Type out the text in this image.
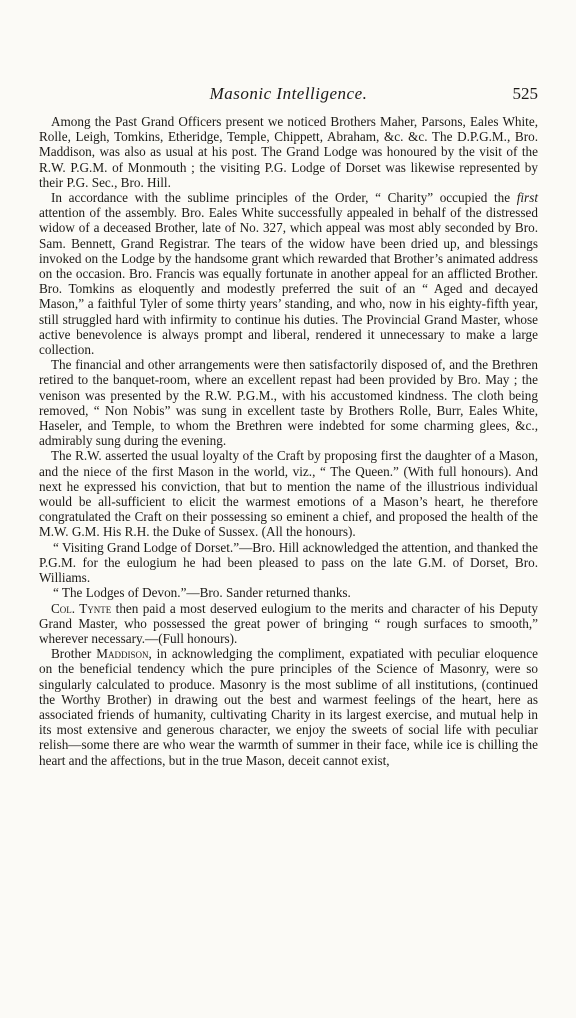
Masonic Intelligence.	525

Among the Past Grand Officers present we noticed Brothers Maher, Parsons, Eales White, Rolle, Leigh, Tomkins, Etheridge, Temple, Chippett, Abraham, &c. &c. The D.P.G.M., Bro. Maddison, was also as usual at his post. The Grand Lodge was honoured by the visit of the R.W. P.G.M. of Monmouth ; the visiting P.G. Lodge of Dorset was likewise represented by their P.G. Sec., Bro. Hill.

In accordance with the sublime principles of the Order, “ Charity” occupied the first attention of the assembly. Bro. Eales White successfully appealed in behalf of the distressed widow of a deceased Brother, late of No. 327, which appeal was most ably seconded by Bro. Sam. Bennett, Grand Registrar. The tears of the widow have been dried up, and blessings invoked on the Lodge by the handsome grant which rewarded that Brother’s animated address on the occasion. Bro. Francis was equally fortunate in another appeal for an afflicted Brother. Bro. Tomkins as eloquently and modestly preferred the suit of an “ Aged and decayed Mason,” a faithful Tyler of some thirty years’ standing, and who, now in his eighty-fifth year, still struggled hard with infirmity to continue his duties. The Provincial Grand Master, whose active benevolence is always prompt and liberal, rendered it unnecessary to make a large collection.

The financial and other arrangements were then satisfactorily disposed of, and the Brethren retired to the banquet-room, where an excellent repast had been provided by Bro. May ; the venison was presented by the R.W. P.G.M., with his accustomed kindness. The cloth being removed, “ Non Nobis” was sung in excellent taste by Brothers Rolle, Burr, Eales White, Haseler, and Temple, to whom the Brethren were indebted for some charming glees, &c., admirably sung during the evening.

The R.W. asserted the usual loyalty of the Craft by proposing first the daughter of a Mason, and the niece of the first Mason in the world, viz., “ The Queen.” (With full honours). And next he expressed his conviction, that but to mention the name of the illustrious individual would be all-sufficient to elicit the warmest emotions of a Mason’s heart, he therefore congratulated the Craft on their possessing so eminent a chief, and proposed the health of the M.W. G.M. His R.H. the Duke of Sussex. (All the honours).

“ Visiting Grand Lodge of Dorset.”—Bro. Hill acknowledged the attention, and thanked the P.G.M. for the eulogium he had been pleased to pass on the late G.M. of Dorset, Bro. Williams.

“ The Lodges of Devon.”—Bro. Sander returned thanks.

Col. Tynte then paid a most deserved eulogium to the merits and character of his Deputy Grand Master, who possessed the great power of bringing “ rough surfaces to smooth,” wherever necessary.—(Full honours).

Brother Maddison, in acknowledging the compliment, expatiated with peculiar eloquence on the beneficial tendency which the pure principles of the Science of Masonry, were so singularly calculated to produce. Masonry is the most sublime of all institutions, (continued the Worthy Brother) in drawing out the best and warmest feelings of the heart, here as associated friends of humanity, cultivating Charity in its largest exercise, and mutual help in its most extensive and generous character, we enjoy the sweets of social life with peculiar relish—some there are who wear the warmth of summer in their face, while ice is chilling the heart and the affections, but in the true Mason, deceit cannot exist,
